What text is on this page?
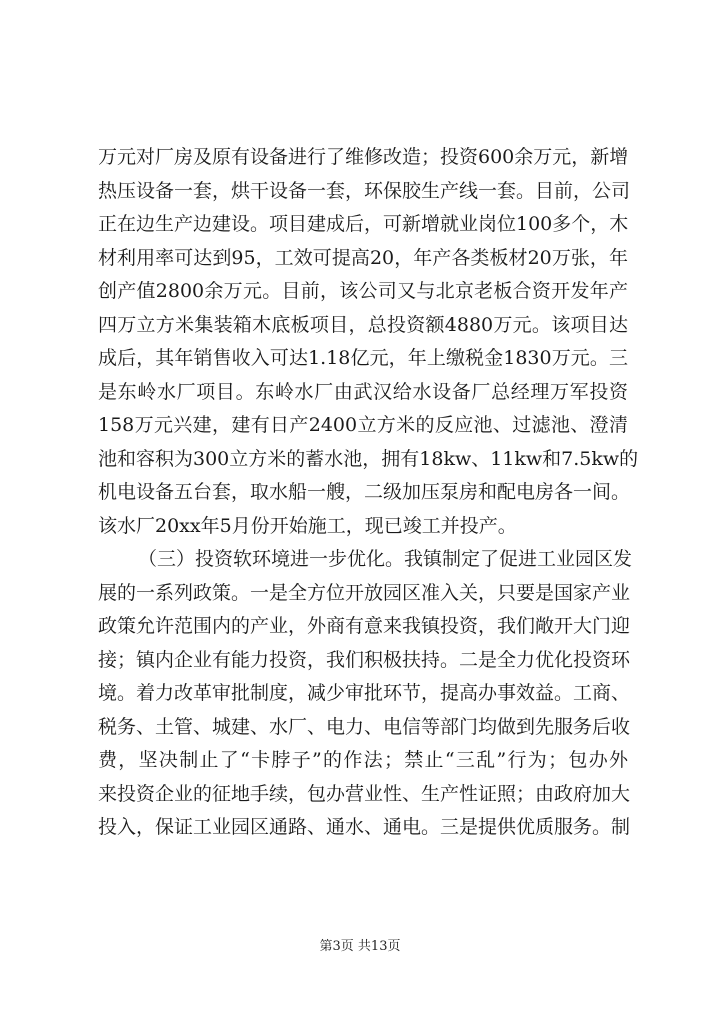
万元对厂房及原有设备进行了维修改造；投资600余万元，新增
热压设备一套，烘干设备一套，环保胶生产线一套。目前，公司
正在边生产边建设。项目建成后，可新增就业岗位100多个，木
材利用率可达到95，工效可提高20，年产各类板材20万张，年
创产值2800余万元。目前，该公司又与北京老板合资开发年产
四万立方米集装箱木底板项目，总投资额4880万元。该项目达
成后，其年销售收入可达1.18亿元，年上缴税金1830万元。三
是东岭水厂项目。东岭水厂由武汉给水设备厂总经理万军投资
158万元兴建，建有日产2400立方米的反应池、过滤池、澄清
池和容积为300立方米的蓄水池，拥有18kw、11kw和7.5kw的
机电设备五台套，取水船一艘，二级加压泵房和配电房各一间。
该水厂20xx年5月份开始施工，现已竣工并投产。
（三）投资软环境进一步优化。我镇制定了促进工业园区发
展的一系列政策。一是全方位开放园区准入关，只要是国家产业
政策允许范围内的产业，外商有意来我镇投资，我们敞开大门迎
接；镇内企业有能力投资，我们积极扶持。二是全力优化投资环
境。着力改革审批制度，减少审批环节，提高办事效益。工商、
税务、土管、城建、水厂、电力、电信等部门均做到先服务后收
费，坚决制止了“卡脖子”的作法；禁止“三乱”行为；包办外
来投资企业的征地手续，包办营业性、生产性证照；由政府加大
投入，保证工业园区通路、通水、通电。三是提供优质服务。制
第3页 共13页
